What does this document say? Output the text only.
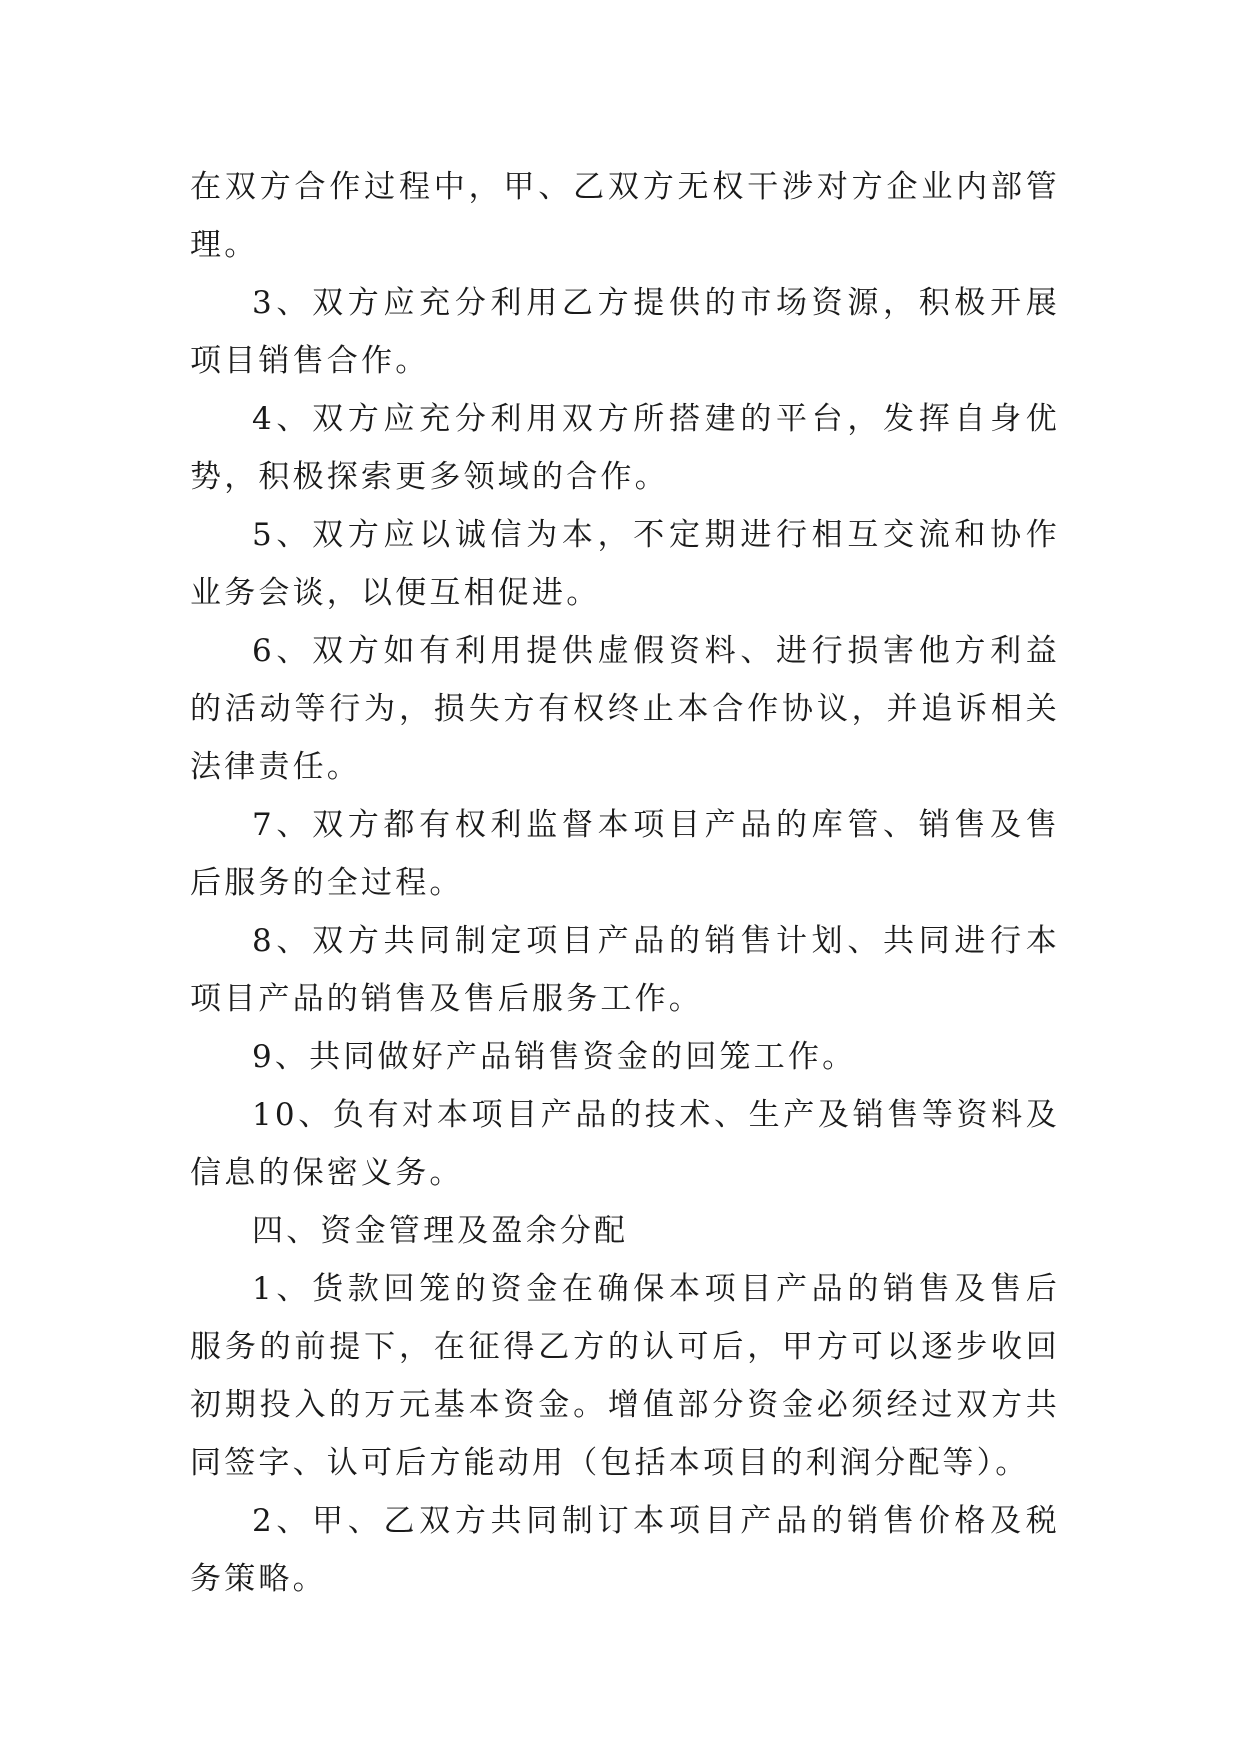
在双方合作过程中，甲、乙双方无权干涉对方企业内部管理。

3、双方应充分利用乙方提供的市场资源，积极开展项目销售合作。

4、双方应充分利用双方所搭建的平台，发挥自身优势，积极探索更多领域的合作。

5、双方应以诚信为本，不定期进行相互交流和协作业务会谈，以便互相促进。

6、双方如有利用提供虚假资料、进行损害他方利益的活动等行为，损失方有权终止本合作协议，并追诉相关法律责任。

7、双方都有权利监督本项目产品的库管、销售及售后服务的全过程。

8、双方共同制定项目产品的销售计划、共同进行本项目产品的销售及售后服务工作。

9、共同做好产品销售资金的回笼工作。

10、负有对本项目产品的技术、生产及销售等资料及信息的保密义务。

四、资金管理及盈余分配

1、货款回笼的资金在确保本项目产品的销售及售后服务的前提下，在征得乙方的认可后，甲方可以逐步收回初期投入的万元基本资金。增值部分资金必须经过双方共同签字、认可后方能动用（包括本项目的利润分配等）。

2、甲、乙双方共同制订本项目产品的销售价格及税务策略。
